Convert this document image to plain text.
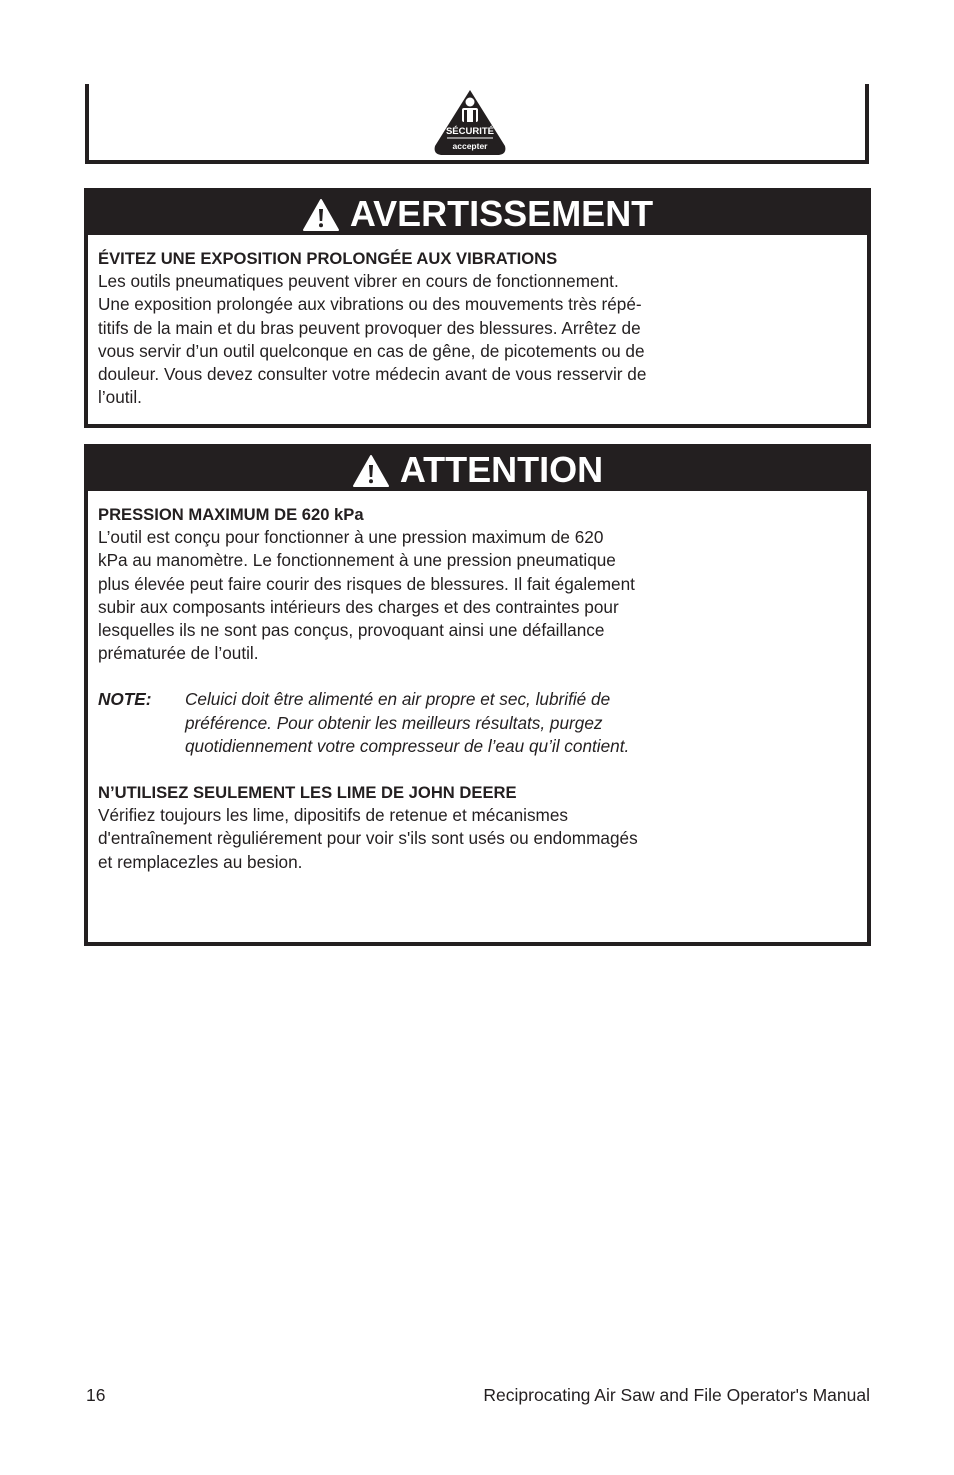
SÉCURITÉ
accepter
AVERTISSEMENT
ÉVITEZ UNE EXPOSITION PROLONGÉE AUX VIBRATIONS
Les outils pneumatiques peuvent vibrer en cours de fonctionnement.
Une exposition prolongée aux vibrations ou des mouvements très répé-
titifs de la main et du bras peuvent provoquer des blessures. Arrêtez de
vous servir d’un outil quelconque en cas de gêne, de picotements ou de
douleur. Vous devez consulter votre médecin avant de vous resservir de
l’outil.
ATTENTION
PRESSION MAXIMUM DE 620 kPa
L’outil est conçu pour fonctionner à une pression maximum de 620
kPa au manomètre. Le fonctionnement à une pression pneumatique
plus élevée peut faire courir des risques de blessures. Il fait également
subir aux composants intérieurs des charges et des contraintes pour
lesquelles ils ne sont pas conçus, provoquant ainsi une défaillance
prématurée de l’outil.
NOTE:	Celuici doit être alimenté en air propre et sec, lubrifié de
préférence. Pour obtenir les meilleurs résultats, purgez
quotidiennement votre compresseur de l’eau qu’il contient.
N’UTILISEZ SEULEMENT LES LIME DE JOHN DEERE
Vérifiez toujours les lime, dipositifs de retenue et mécanismes
d'entraînement règuliérement pour voir s'ils sont usés ou endommagés
et remplacezles au besion.
16	Reciprocating Air Saw and File Operator's Manual
